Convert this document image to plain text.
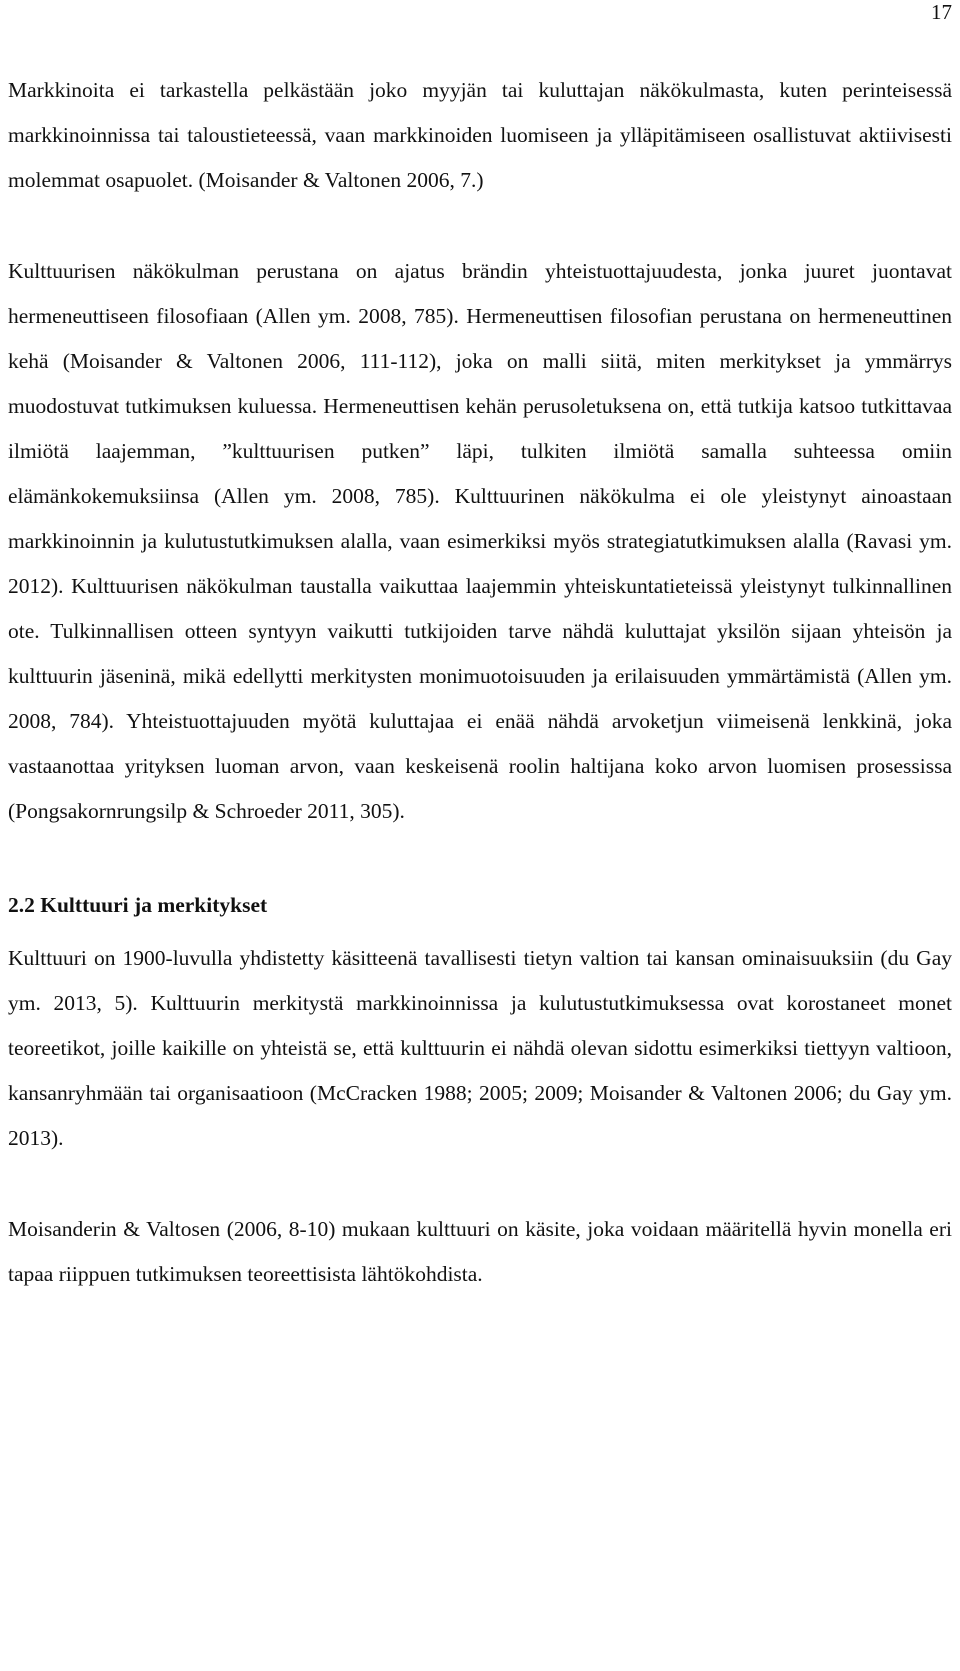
17

Markkinoita ei tarkastella pelkästään joko myyjän tai kuluttajan näkökulmasta, kuten perinteisessä markkinoinnissa tai taloustieteessä, vaan markkinoiden luomiseen ja ylläpitämiseen osallistuvat aktiivisesti molemmat osapuolet. (Moisander & Valtonen 2006, 7.)

Kulttuurisen näkökulman perustana on ajatus brändin yhteistuottajuudesta, jonka juuret juontavat hermeneuttiseen filosofiaan (Allen ym. 2008, 785). Hermeneuttisen filosofian perustana on hermeneuttinen kehä (Moisander & Valtonen 2006, 111-112), joka on malli siitä, miten merkitykset ja ymmärrys muodostuvat tutkimuksen kuluessa. Hermeneuttisen kehän perusoletuksena on, että tutkija katsoo tutkittavaa ilmiötä laajemman, ”kulttuurisen putken” läpi, tulkiten ilmiötä samalla suhteessa omiin elämänkokemuksiinsa (Allen ym. 2008, 785). Kulttuurinen näkökulma ei ole yleistynyt ainoastaan markkinoinnin ja kulutustutkimuksen alalla, vaan esimerkiksi myös strategiatutkimuksen alalla (Ravasi ym. 2012). Kulttuurisen näkökulman taustalla vaikuttaa laajemmin yhteiskuntatieteissä yleistynyt tulkinnallinen ote. Tulkinnallisen otteen syntyyn vaikutti tutkijoiden tarve nähdä kuluttajat yksilön sijaan yhteisön ja kulttuurin jäseninä, mikä edellytti merkitysten monimuotoisuuden ja erilaisuuden ymmärtämistä (Allen ym. 2008, 784). Yhteistuottajuuden myötä kuluttajaa ei enää nähdä arvoketjun viimeisenä lenkkinä, joka vastaanottaa yrityksen luoman arvon, vaan keskeisenä roolin haltijana koko arvon luomisen prosessissa (Pongsakornrungsilp & Schroeder 2011, 305).

2.2 Kulttuuri ja merkitykset

Kulttuuri on 1900-luvulla yhdistetty käsitteenä tavallisesti tietyn valtion tai kansan ominaisuuksiin (du Gay ym. 2013, 5). Kulttuurin merkitystä markkinoinnissa ja kulutustutkimuksessa ovat korostaneet monet teoreetikot, joille kaikille on yhteistä se, että kulttuurin ei nähdä olevan sidottu esimerkiksi tiettyyn valtioon, kansanryhmään tai organisaatioon (McCracken 1988; 2005; 2009; Moisander & Valtonen 2006; du Gay ym. 2013).

Moisanderin & Valtosen (2006, 8-10) mukaan kulttuuri on käsite, joka voidaan määritellä hyvin monella eri tapaa riippuen tutkimuksen teoreettisista lähtökohdista.
